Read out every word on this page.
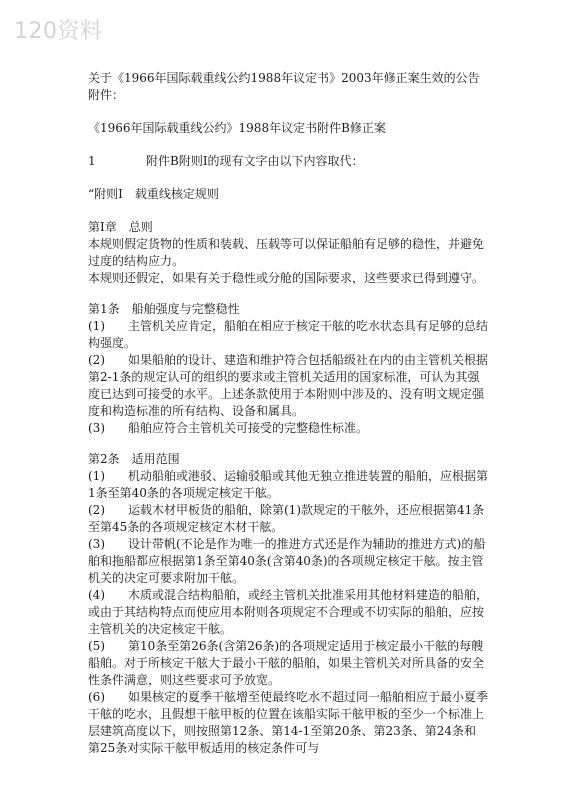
120资料

关于《1966年国际载重线公约1988年议定书》2003年修正案生效的公告

附件：

《1966年国际载重线公约》1988年议定书附件B修正案

1	附件B附则Ⅰ的现有文字由以下内容取代：

“附则Ⅰ　载重线核定规则

第Ⅰ章　总则

本规则假定货物的性质和装载、压载等可以保证船舶有足够的稳性，并避免过度的结构应力。

本规则还假定，如果有关于稳性或分舱的国际要求，这些要求已得到遵守。

第1条　船舶强度与完整稳性

(1) 主管机关应肯定，船舶在相应于核定干舷的吃水状态具有足够的总结构强度。

(2) 如果船舶的设计、建造和维护符合包括船级社在内的由主管机关根据第2-1条的规定认可的组织的要求或主管机关适用的国家标准，可认为其强度已达到可接受的水平。上述条款使用于本附则中涉及的、没有明文规定强度和构造标准的所有结构、设备和属具。

(3) 船舶应符合主管机关可接受的完整稳性标准。

第2条　适用范围

(1) 机动船舶或港驳、运输驳船或其他无独立推进装置的船舶，应根据第1条至第40条的各项规定核定干舷。

(2) 运载木材甲板货的船舶，除第(1)款规定的干舷外，还应根据第41条至第45条的各项规定核定木材干舷。

(3) 设计带帆(不论是作为唯一的推进方式还是作为辅助的推进方式)的船舶和拖船都应根据第1条至第40条(含第40条)的各项规定核定干舷。按主管机关的决定可要求附加干舷。

(4) 木质或混合结构船舶，或经主管机关批准采用其他材料建造的船舶，或由于其结构特点而使应用本附则各项规定不合理或不切实际的船舶，应按主管机关的决定核定干舷。

(5) 第10条至第26条(含第26条)的各项规定适用于核定最小干舷的每艘船舶。对于所核定干舷大于最小干舷的船舶，如果主管机关对所具备的安全性条件满意，则这些要求可予放宽。

(6) 如果核定的夏季干舷增至使最终吃水不超过同一船舶相应于最小夏季干舷的吃水，且假想干舷甲板的位置在该船实际干舷甲板的至少一个标准上层建筑高度以下，则按照第12条、第14-1至第20条、第23条、第24条和第25条对实际干舷甲板适用的核定条件可与
